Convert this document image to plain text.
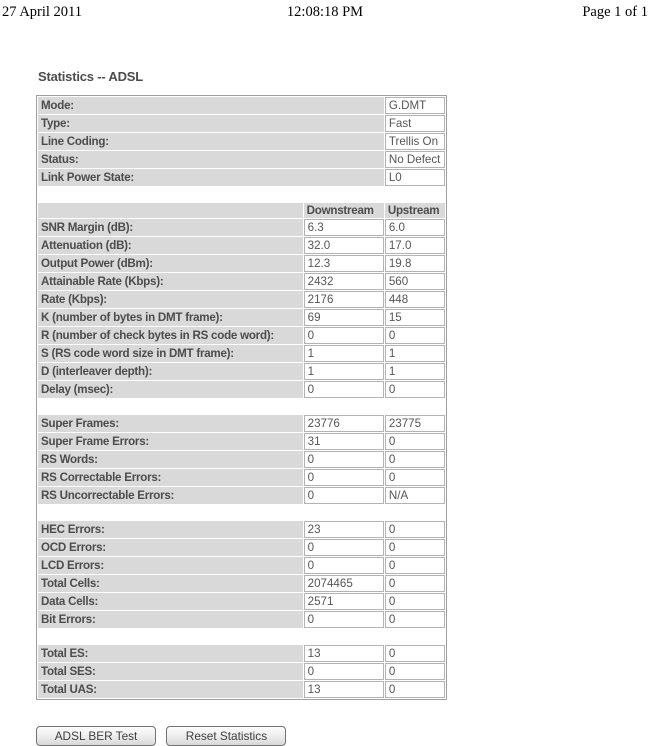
27 April 2011	12:08:18 PM	Page 1 of 1
Statistics -- ADSL
Mode:		G.DMT
Type:		Fast
Line Coding:		Trellis On
Status:		No Defect
Link Power State:		L0

	Downstream	Upstream
SNR Margin (dB):	6.3	6.0
Attenuation (dB):	32.0	17.0
Output Power (dBm):	12.3	19.8
Attainable Rate (Kbps):	2432	560
Rate (Kbps):	2176	448
K (number of bytes in DMT frame):	69	15
R (number of check bytes in RS code word):	0	0
S (RS code word size in DMT frame):	1	1
D (interleaver depth):	1	1
Delay (msec):	0	0

Super Frames:	23776	23775
Super Frame Errors:	31	0
RS Words:	0	0
RS Correctable Errors:	0	0
RS Uncorrectable Errors:	0	N/A

HEC Errors:	23	0
OCD Errors:	0	0
LCD Errors:	0	0
Total Cells:	2074465	0
Data Cells:	2571	0
Bit Errors:	0	0

Total ES:	13	0
Total SES:	0	0
Total UAS:	13	0
ADSL BER Test	Reset Statistics
